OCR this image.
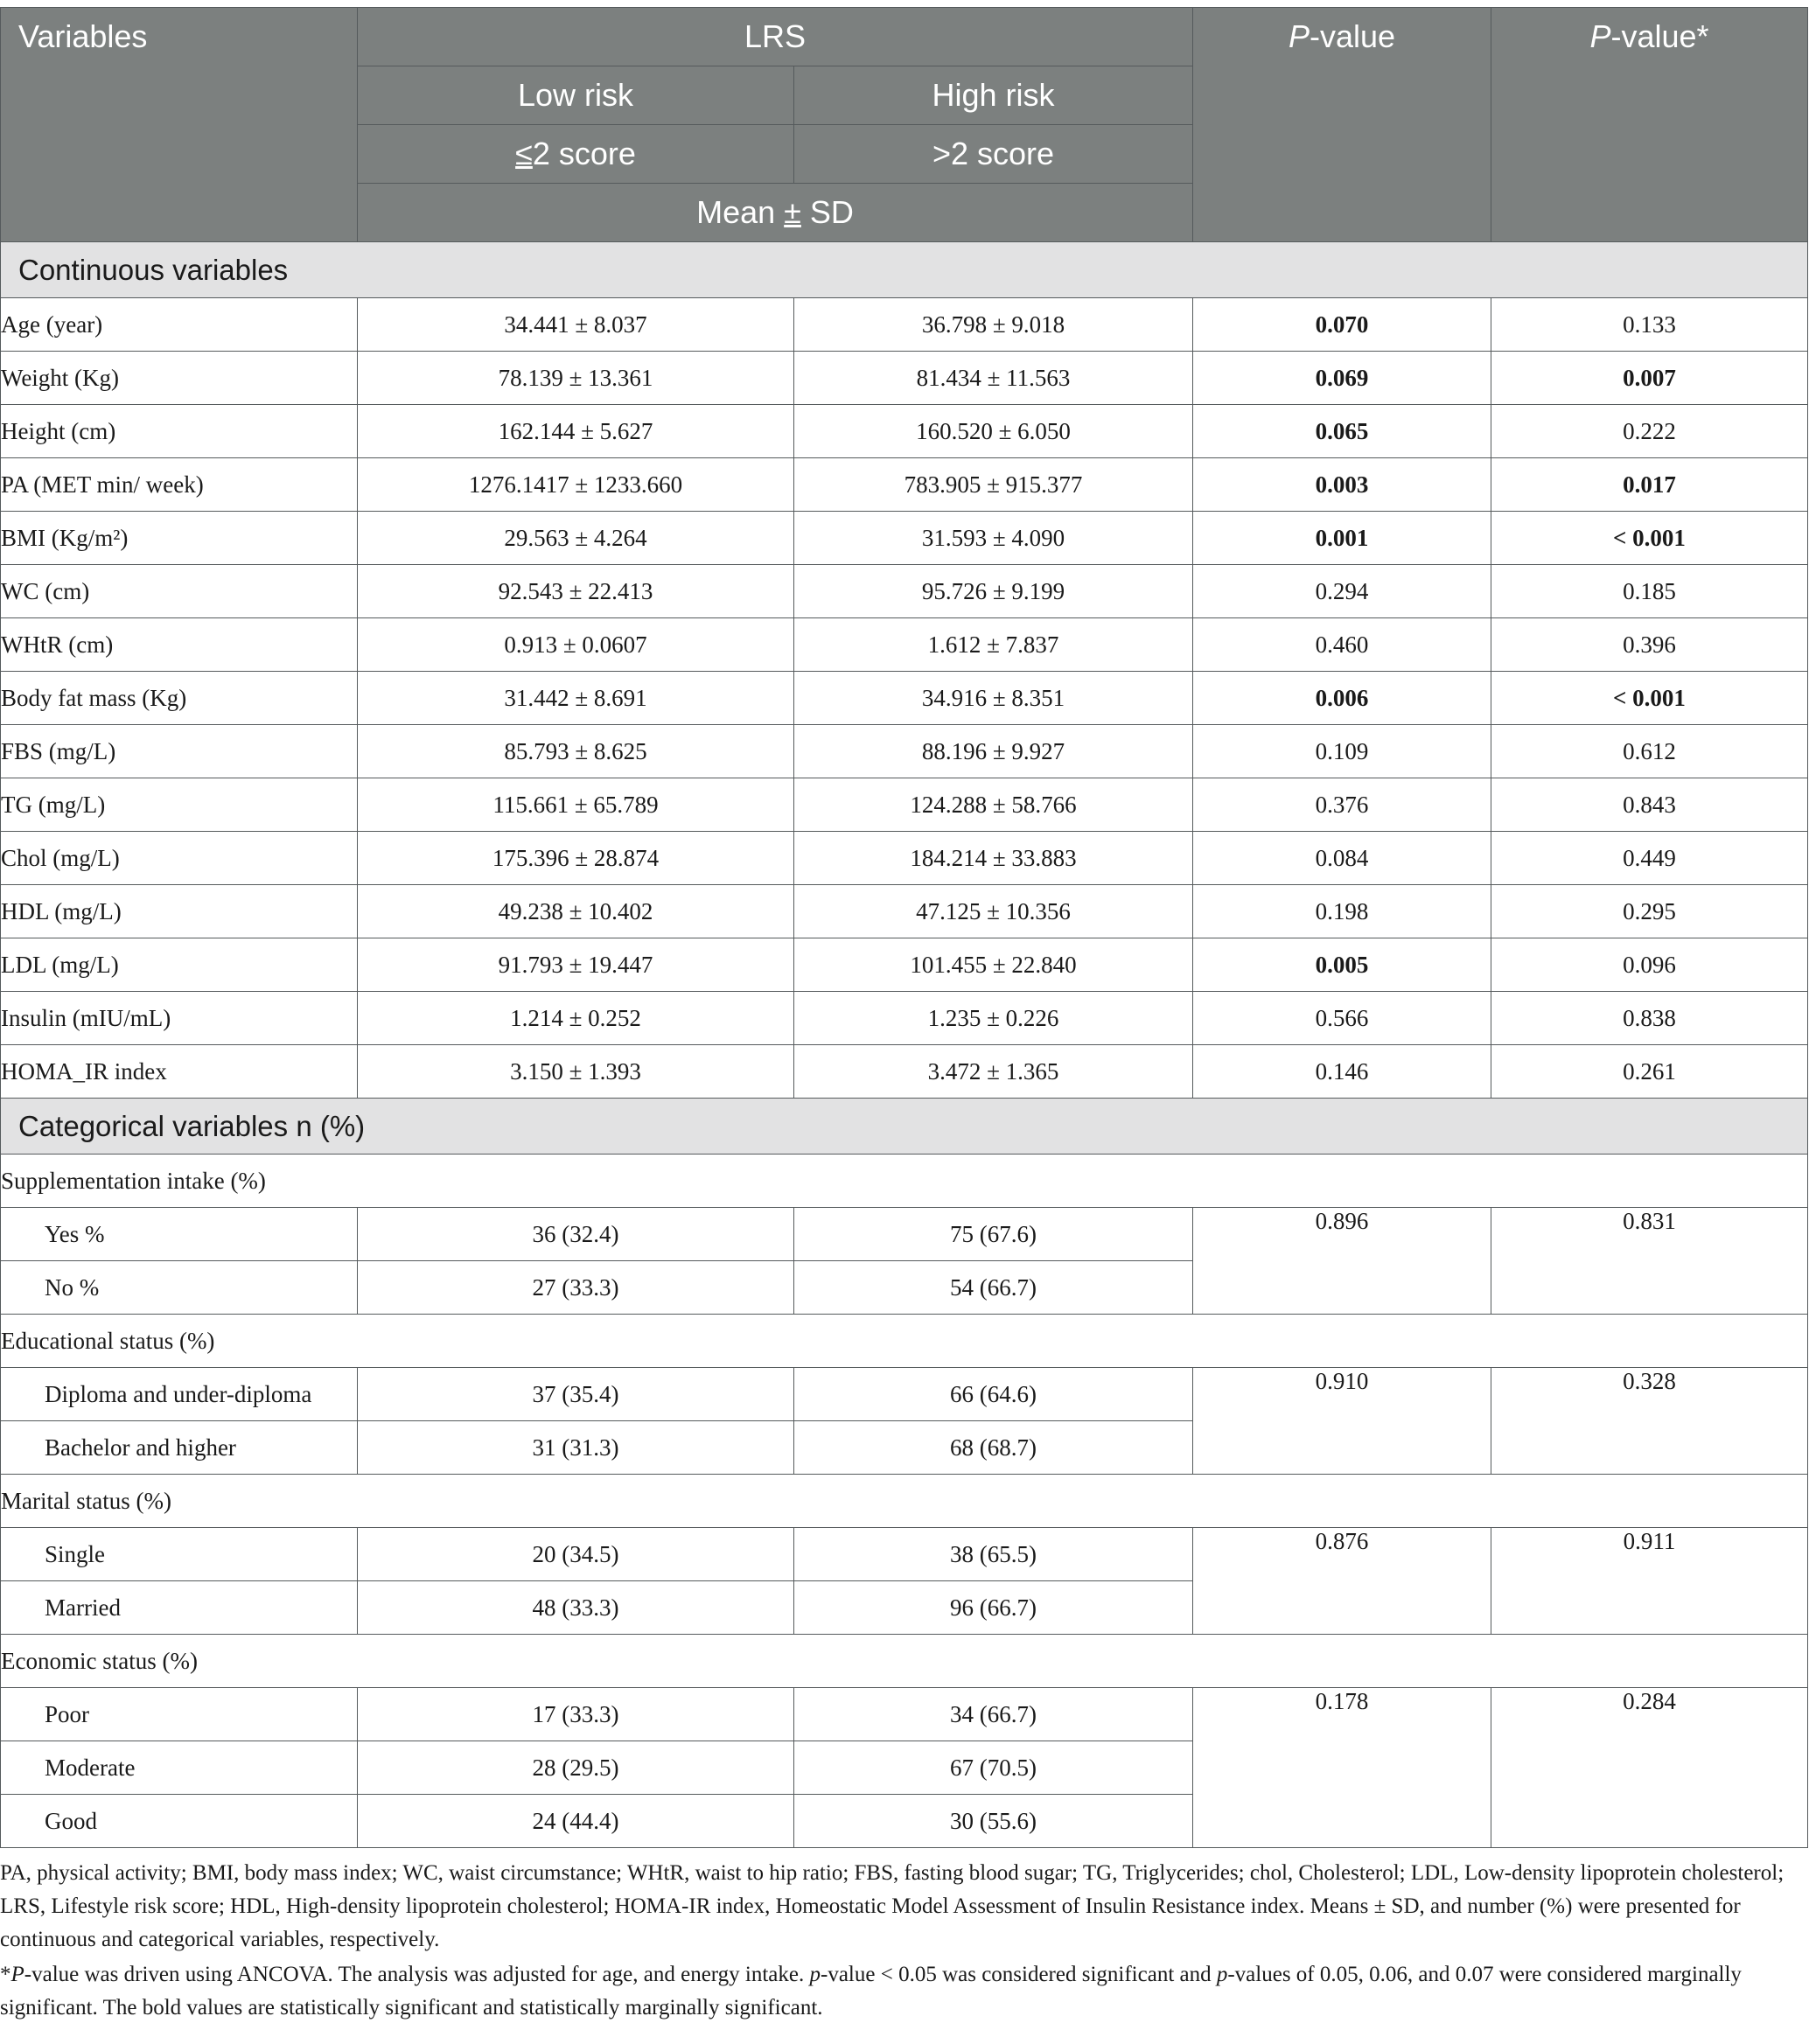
Variables	LRS		P-value	P-value*
	Low risk	High risk		
	≤2 score	>2 score		
	Mean ± SD			
Continuous variables				
Age (year)	34.441 ± 8.037	36.798 ± 9.018	0.070	0.133
Weight (Kg)	78.139 ± 13.361	81.434 ± 11.563	0.069	0.007
Height (cm)	162.144 ± 5.627	160.520 ± 6.050	0.065	0.222
PA (MET min/ week)	1276.1417 ± 1233.660	783.905 ± 915.377	0.003	0.017
BMI (Kg/m²)	29.563 ± 4.264	31.593 ± 4.090	0.001	< 0.001
WC (cm)	92.543 ± 22.413	95.726 ± 9.199	0.294	0.185
WHtR (cm)	0.913 ± 0.0607	1.612 ± 7.837	0.460	0.396
Body fat mass (Kg)	31.442 ± 8.691	34.916 ± 8.351	0.006	< 0.001
FBS (mg/L)	85.793 ± 8.625	88.196 ± 9.927	0.109	0.612
TG (mg/L)	115.661 ± 65.789	124.288 ± 58.766	0.376	0.843
Chol (mg/L)	175.396 ± 28.874	184.214 ± 33.883	0.084	0.449
HDL (mg/L)	49.238 ± 10.402	47.125 ± 10.356	0.198	0.295
LDL (mg/L)	91.793 ± 19.447	101.455 ± 22.840	0.005	0.096
Insulin (mIU/mL)	1.214 ± 0.252	1.235 ± 0.226	0.566	0.838
HOMA_IR index	3.150 ± 1.393	3.472 ± 1.365	0.146	0.261
Categorical variables n (%)				
Supplementation intake (%)				
Yes %	36 (32.4)	75 (67.6)	0.896	0.831
No %	27 (33.3)	54 (66.7)		
Educational status (%)				
Diploma and under-diploma	37 (35.4)	66 (64.6)	0.910	0.328
Bachelor and higher	31 (31.3)	68 (68.7)		
Marital status (%)				
Single	20 (34.5)	38 (65.5)	0.876	0.911
Married	48 (33.3)	96 (66.7)		
Economic status (%)				
Poor	17 (33.3)	34 (66.7)	0.178	0.284
Moderate	28 (29.5)	67 (70.5)		
Good	24 (44.4)	30 (55.6)		

PA, physical activity; BMI, body mass index; WC, waist circumstance; WHtR, waist to hip ratio; FBS, fasting blood sugar; TG, Triglycerides; chol, Cholesterol; LDL, Low-density lipoprotein cholesterol; LRS, Lifestyle risk score; HDL, High-density lipoprotein cholesterol; HOMA-IR index, Homeostatic Model Assessment of Insulin Resistance index. Means ± SD, and number (%) were presented for continuous and categorical variables, respectively.

*P-value was driven using ANCOVA. The analysis was adjusted for age, and energy intake. p-value < 0.05 was considered significant and p-values of 0.05, 0.06, and 0.07 were considered marginally significant. The bold values are statistically significant and statistically marginally significant.
